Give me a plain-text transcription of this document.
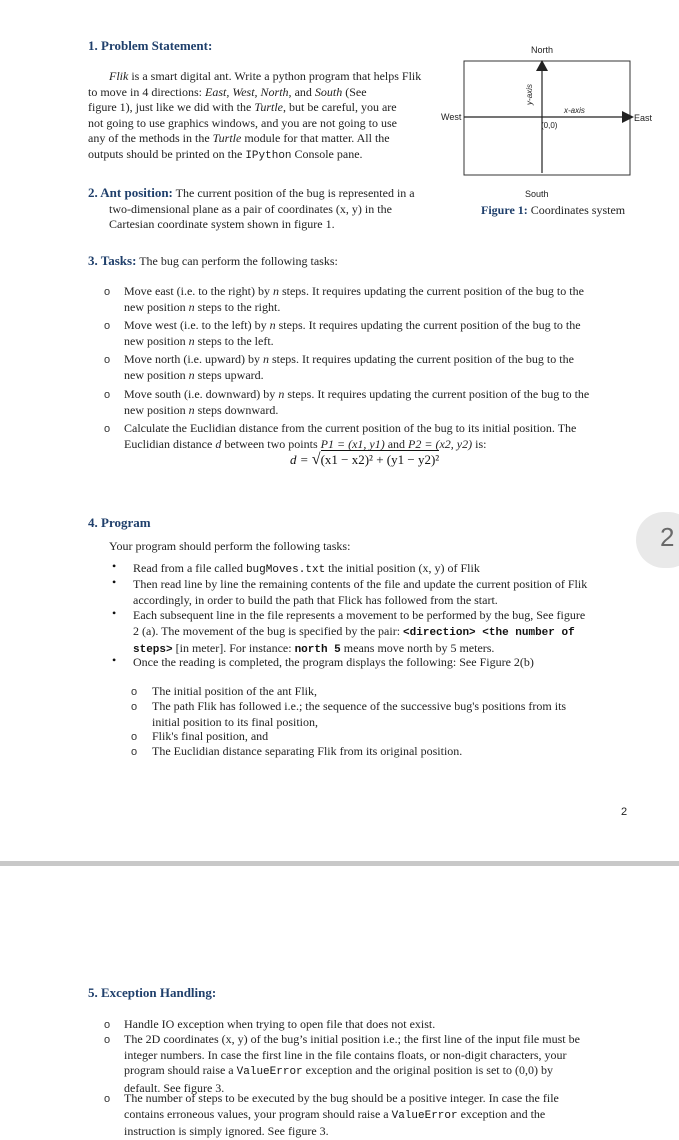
1. Problem Statement:
Flik is a smart digital ant. Write a python program that helps Flik
to move in 4 directions: East, West, North, and South (See
figure 1), just like we did with the Turtle, but be careful, you are
not going to use graphics windows, and you are not going to use
any of the methods in the Turtle module for that matter. All the
outputs should be printed on the IPython Console pane.
North
South
West	East
y-axis
x-axis
(0,0)
Figure 1: Coordinates system
2. Ant position: The current position of the bug is represented in a
two-dimensional plane as a pair of coordinates (x, y) in the
Cartesian coordinate system shown in figure 1.
3. Tasks: The bug can perform the following tasks:
o Move east (i.e. to the right) by n steps. It requires updating the current position of the bug to the
new position n steps to the right.
o Move west (i.e. to the left) by n steps. It requires updating the current position of the bug to the
new position n steps to the left.
o Move north (i.e. upward) by n steps. It requires updating the current position of the bug to the
new position n steps upward.
o Move south (i.e. downward) by n steps. It requires updating the current position of the bug to the
new position n steps downward.
o Calculate the Euclidian distance from the current position of the bug to its initial position. The
Euclidian distance d between two points P1 = (x1, y1) and P2 = (x2, y2) is:
d = √(x1 − x2)² + (y1 − y2)²
4. Program
Your program should perform the following tasks:
• Read from a file called bugMoves.txt the initial position (x, y) of Flik
• Then read line by line the remaining contents of the file and update the current position of Flik
accordingly, in order to build the path that Flick has followed from the start.
• Each subsequent line in the file represents a movement to be performed by the bug, See figure
2 (a). The movement of the bug is specified by the pair: <direction> <the number of
steps> [in meter]. For instance: north 5 means move north by 5 meters.
• Once the reading is completed, the program displays the following: See Figure 2(b)
o The initial position of the ant Flik,
o The path Flik has followed i.e.; the sequence of the successive bug's positions from its
initial position to its final position,
o Flik's final position, and
o The Euclidian distance separating Flik from its original position.
2
2
5. Exception Handling:
o Handle IO exception when trying to open file that does not exist.
o The 2D coordinates (x, y) of the bug’s initial position i.e.; the first line of the input file must be
integer numbers. In case the first line in the file contains floats, or non-digit characters, your
program should raise a ValueError exception and the original position is set to (0,0) by
default. See figure 3.
o The number of steps to be executed by the bug should be a positive integer. In case the file
contains erroneous values, your program should raise a ValueError exception and the
instruction is simply ignored. See figure 3.
